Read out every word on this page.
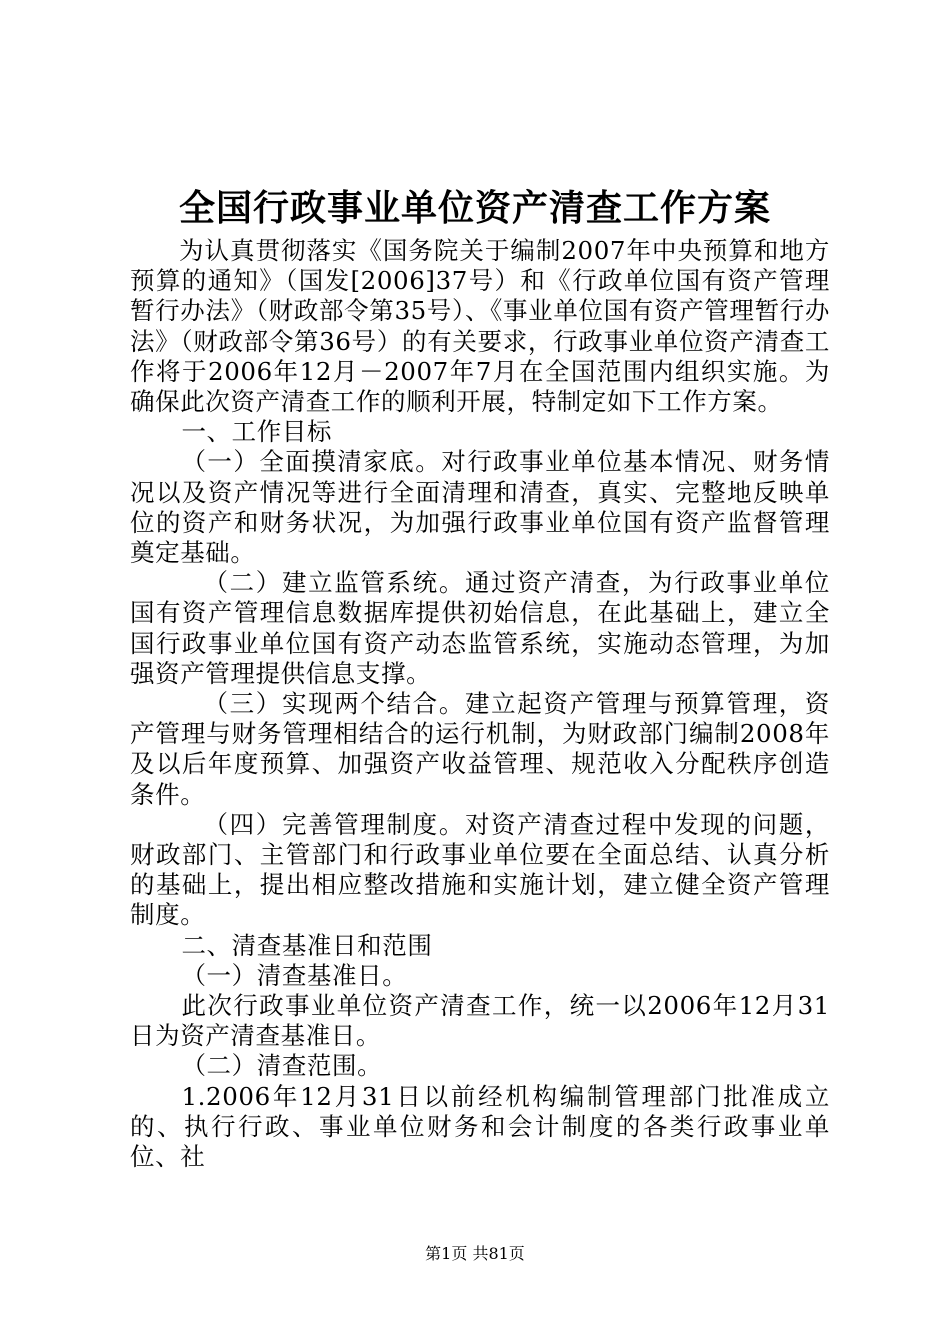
全国行政事业单位资产清查工作方案

为认真贯彻落实《国务院关于编制2007年中央预算和地方预算的通知》（国发[2006]37号）和《行政单位国有资产管理暂行办法》（财政部令第35号）、《事业单位国有资产管理暂行办法》（财政部令第36号）的有关要求，行政事业单位资产清查工作将于2006年12月－2007年7月在全国范围内组织实施。为确保此次资产清查工作的顺利开展，特制定如下工作方案。

一、工作目标

（一）全面摸清家底。对行政事业单位基本情况、财务情况以及资产情况等进行全面清理和清查，真实、完整地反映单位的资产和财务状况，为加强行政事业单位国有资产监督管理奠定基础。

（二）建立监管系统。通过资产清查，为行政事业单位国有资产管理信息数据库提供初始信息，在此基础上，建立全国行政事业单位国有资产动态监管系统，实施动态管理，为加强资产管理提供信息支撑。

（三）实现两个结合。建立起资产管理与预算管理，资产管理与财务管理相结合的运行机制，为财政部门编制2008年及以后年度预算、加强资产收益管理、规范收入分配秩序创造条件。

（四）完善管理制度。对资产清查过程中发现的问题，财政部门、主管部门和行政事业单位要在全面总结、认真分析的基础上，提出相应整改措施和实施计划，建立健全资产管理制度。

二、清查基准日和范围

（一）清查基准日。

此次行政事业单位资产清查工作，统一以2006年12月31日为资产清查基准日。

（二）清查范围。

1.2006年12月31日以前经机构编制管理部门批准成立的、执行行政、事业单位财务和会计制度的各类行政事业单位、社

第1页 共81页
